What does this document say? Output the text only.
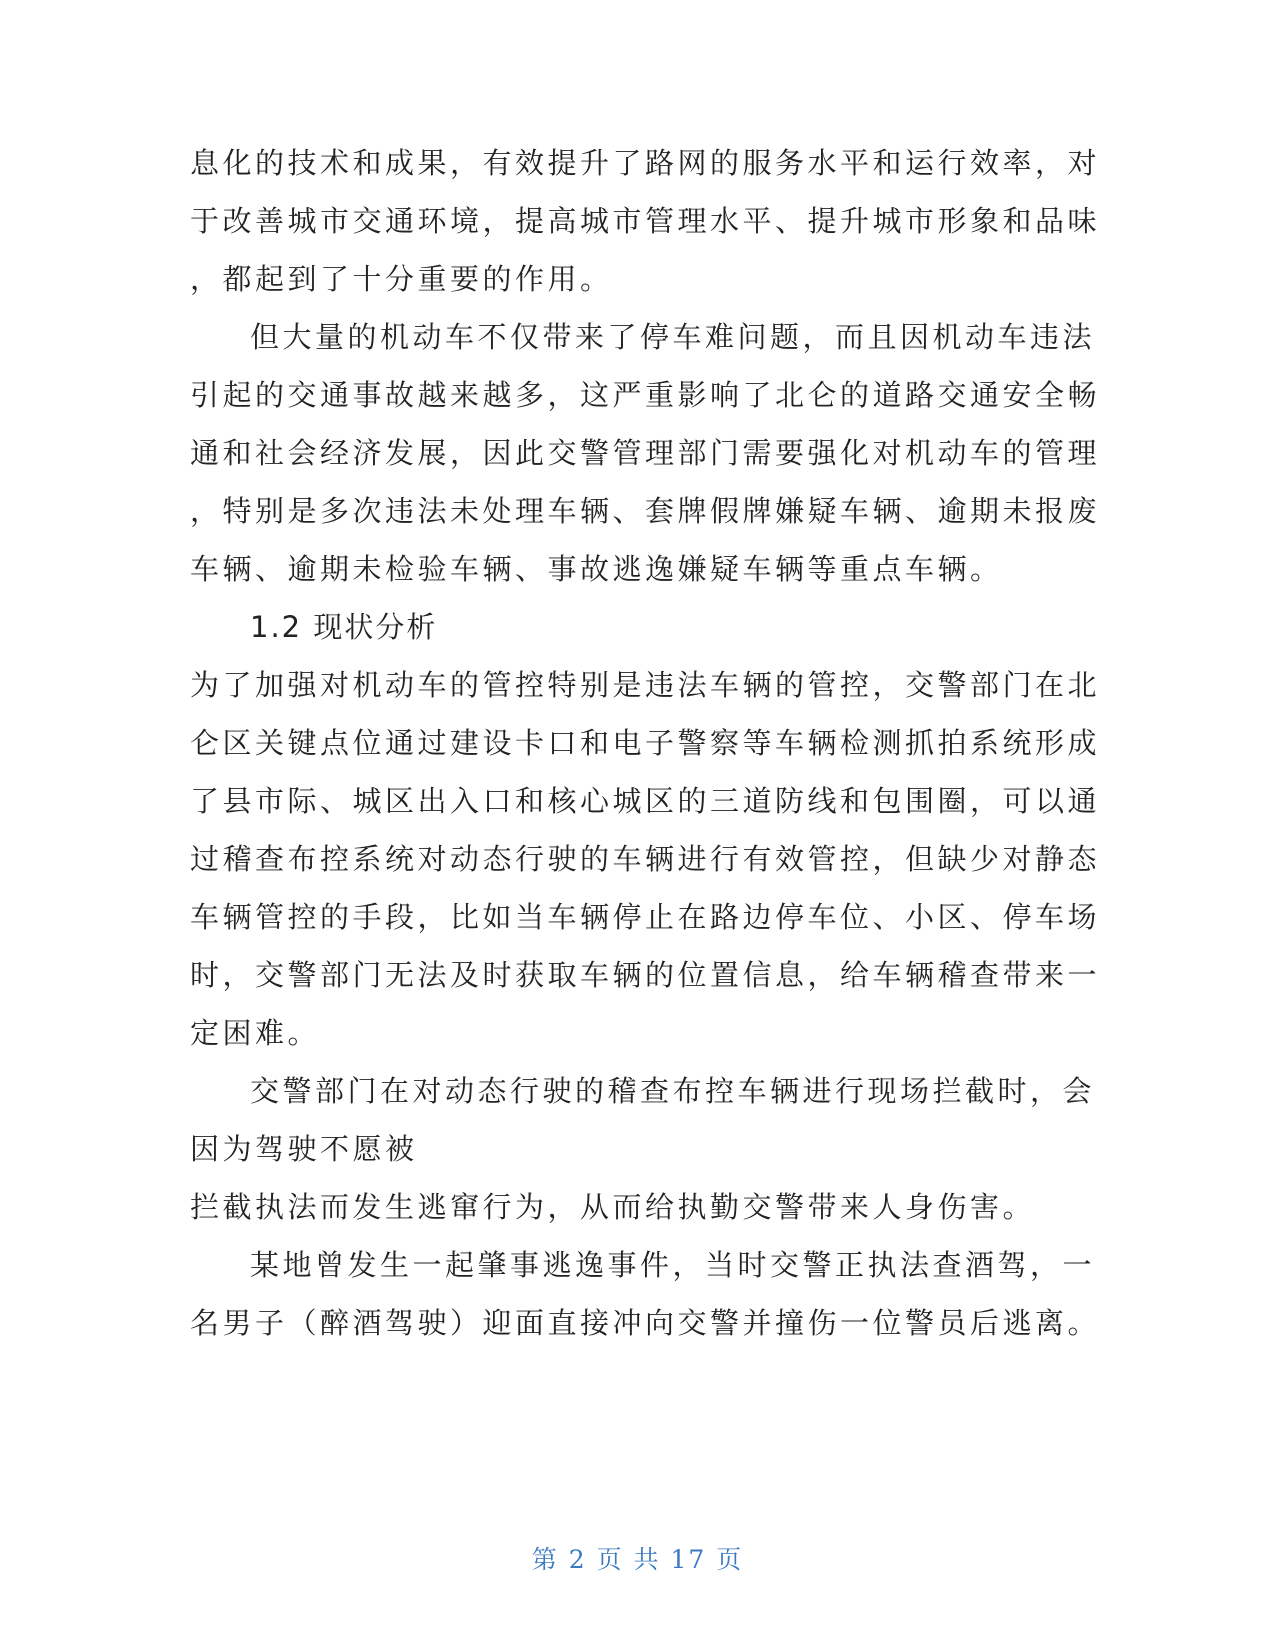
息化的技术和成果，有效提升了路网的服务水平和运行效率，对
于改善城市交通环境，提高城市管理水平、提升城市形象和品味
，都起到了十分重要的作用。
但大量的机动车不仅带来了停车难问题，而且因机动车违法
引起的交通事故越来越多，这严重影响了北仑的道路交通安全畅
通和社会经济发展，因此交警管理部门需要强化对机动车的管理
，特别是多次违法未处理车辆、套牌假牌嫌疑车辆、逾期未报废
车辆、逾期未检验车辆、事故逃逸嫌疑车辆等重点车辆。
1.2 现状分析
为了加强对机动车的管控特别是违法车辆的管控，交警部门在北
仑区关键点位通过建设卡口和电子警察等车辆检测抓拍系统形成
了县市际、城区出入口和核心城区的三道防线和包围圈，可以通
过稽查布控系统对动态行驶的车辆进行有效管控，但缺少对静态
车辆管控的手段，比如当车辆停止在路边停车位、小区、停车场
时，交警部门无法及时获取车辆的位置信息，给车辆稽查带来一
定困难。
交警部门在对动态行驶的稽查布控车辆进行现场拦截时，会
因为驾驶不愿被
拦截执法而发生逃窜行为，从而给执勤交警带来人身伤害。
某地曾发生一起肇事逃逸事件，当时交警正执法查酒驾，一
名男子（醉酒驾驶）迎面直接冲向交警并撞伤一位警员后逃离。
第 2 页 共 17 页
